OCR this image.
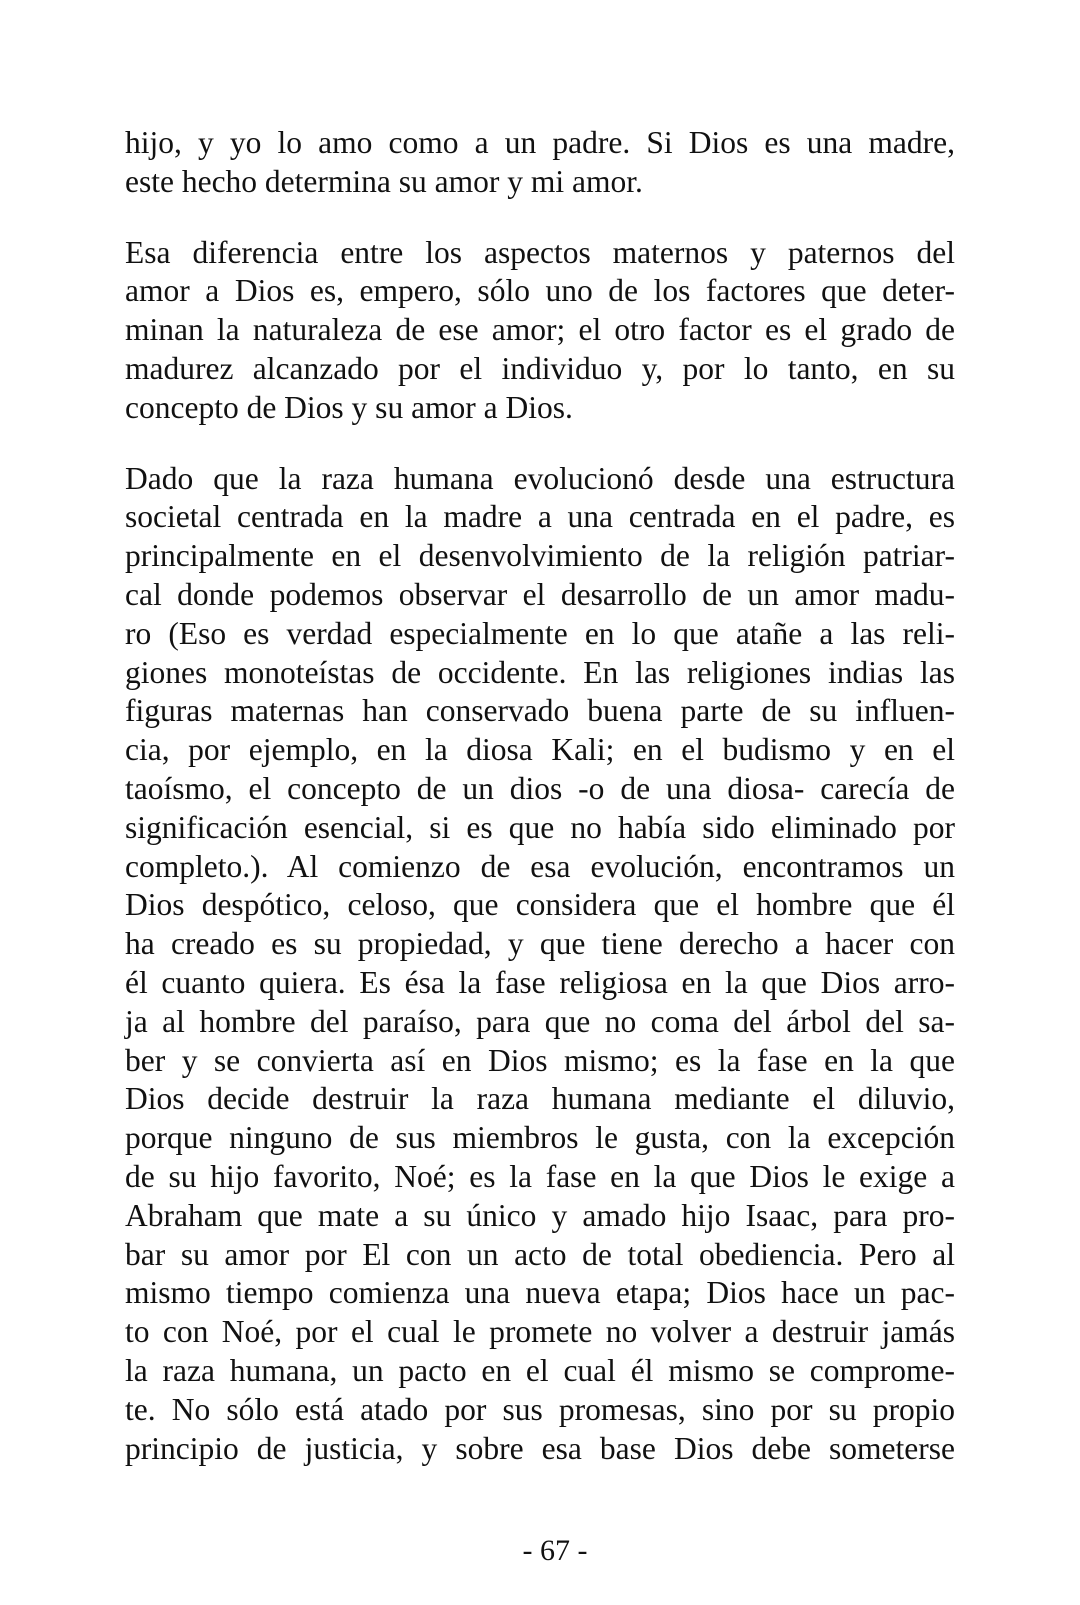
hijo, y yo lo amo como a un padre. Si Dios es una madre,
este hecho determina su amor y mi amor.
Esa diferencia entre los aspectos maternos y paternos del
amor a Dios es, empero, sólo uno de los factores que deter-
minan la naturaleza de ese amor; el otro factor es el grado de
madurez alcanzado por el individuo y, por lo tanto, en su
concepto de Dios y su amor a Dios.
Dado que la raza humana evolucionó desde una estructura
societal centrada en la madre a una centrada en el padre, es
principalmente en el desenvolvimiento de la religión patriar-
cal donde podemos observar el desarrollo de un amor madu-
ro (Eso es verdad especialmente en lo que atañe a las reli-
giones monoteístas de occidente. En las religiones indias las
figuras maternas han conservado buena parte de su influen-
cia, por ejemplo, en la diosa Kali; en el budismo y en el
taoísmo, el concepto de un dios -o de una diosa- carecía de
significación esencial, si es que no había sido eliminado por
completo.). Al comienzo de esa evolución, encontramos un
Dios despótico, celoso, que considera que el hombre que él
ha creado es su propiedad, y que tiene derecho a hacer con
él cuanto quiera. Es ésa la fase religiosa en la que Dios arro-
ja al hombre del paraíso, para que no coma del árbol del sa-
ber y se convierta así en Dios mismo; es la fase en la que
Dios decide destruir la raza humana mediante el diluvio,
porque ninguno de sus miembros le gusta, con la excepción
de su hijo favorito, Noé; es la fase en la que Dios le exige a
Abraham que mate a su único y amado hijo Isaac, para pro-
bar su amor por El con un acto de total obediencia. Pero al
mismo tiempo comienza una nueva etapa; Dios hace un pac-
to con Noé, por el cual le promete no volver a destruir jamás
la raza humana, un pacto en el cual él mismo se comprome-
te. No sólo está atado por sus promesas, sino por su propio
principio de justicia, y sobre esa base Dios debe someterse
- 67 -
